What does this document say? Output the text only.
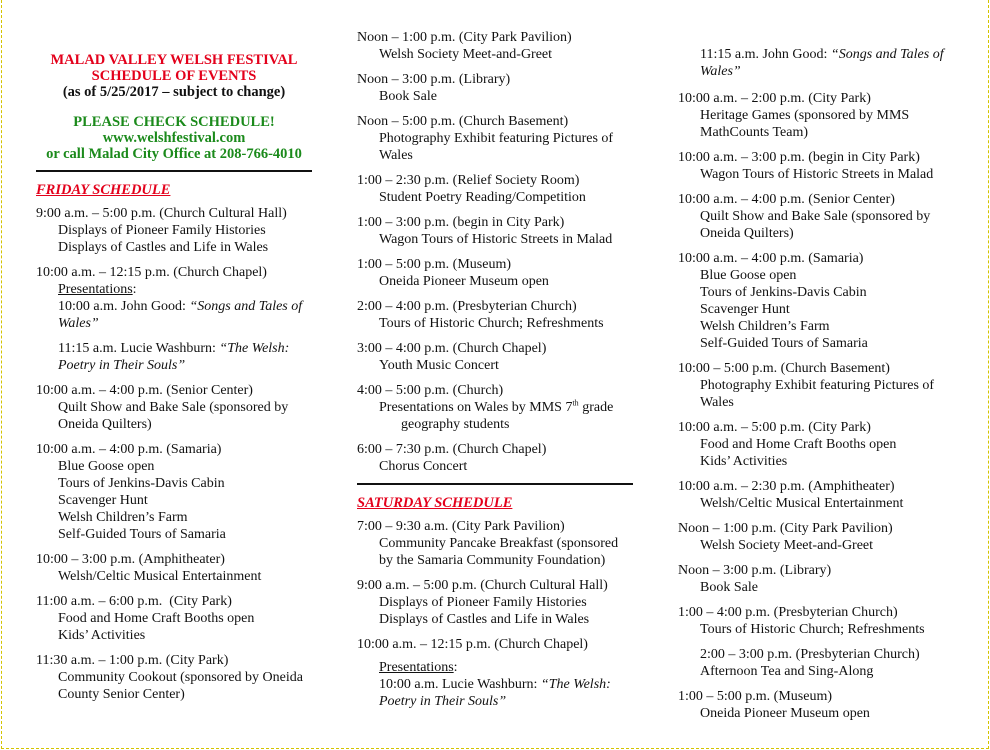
MALAD VALLEY WELSH FESTIVAL
SCHEDULE OF EVENTS
(as of 5/25/2017 – subject to change)
PLEASE CHECK SCHEDULE!
www.welshfestival.com
or call Malad City Office at 208-766-4010
FRIDAY SCHEDULE
9:00 a.m. – 5:00 p.m. (Church Cultural Hall)
Displays of Pioneer Family Histories
Displays of Castles and Life in Wales
10:00 a.m. – 12:15 p.m. (Church Chapel)
Presentations:
10:00 a.m. John Good: “Songs and Tales of Wales”
11:15 a.m. Lucie Washburn: “The Welsh: Poetry in Their Souls”
10:00 a.m. – 4:00 p.m. (Senior Center)
Quilt Show and Bake Sale (sponsored by Oneida Quilters)
10:00 a.m. – 4:00 p.m. (Samaria)
Blue Goose open
Tours of Jenkins-Davis Cabin
Scavenger Hunt
Welsh Children’s Farm
Self-Guided Tours of Samaria
10:00 – 3:00 p.m. (Amphitheater)
Welsh/Celtic Musical Entertainment
11:00 a.m. – 6:00 p.m.  (City Park)
Food and Home Craft Booths open
Kids’ Activities
11:30 a.m. – 1:00 p.m. (City Park)
Community Cookout (sponsored by Oneida County Senior Center)
Noon – 1:00 p.m. (City Park Pavilion)
Welsh Society Meet-and-Greet
Noon – 3:00 p.m. (Library)
Book Sale
Noon – 5:00 p.m. (Church Basement)
Photography Exhibit featuring Pictures of Wales
1:00 – 2:30 p.m. (Relief Society Room)
Student Poetry Reading/Competition
1:00 – 3:00 p.m. (begin in City Park)
Wagon Tours of Historic Streets in Malad
1:00 – 5:00 p.m. (Museum)
Oneida Pioneer Museum open
2:00 – 4:00 p.m. (Presbyterian Church)
Tours of Historic Church; Refreshments
3:00 – 4:00 p.m. (Church Chapel)
Youth Music Concert
4:00 – 5:00 p.m. (Church)
Presentations on Wales by MMS 7th grade
geography students
6:00 – 7:30 p.m. (Church Chapel)
Chorus Concert
SATURDAY SCHEDULE
7:00 – 9:30 a.m. (City Park Pavilion)
Community Pancake Breakfast (sponsored by the Samaria Community Foundation)
9:00 a.m. – 5:00 p.m. (Church Cultural Hall)
Displays of Pioneer Family Histories
Displays of Castles and Life in Wales
10:00 a.m. – 12:15 p.m. (Church Chapel)
Presentations:
10:00 a.m. Lucie Washburn: “The Welsh: Poetry in Their Souls”
11:15 a.m. John Good: “Songs and Tales of Wales”
10:00 a.m. – 2:00 p.m. (City Park)
Heritage Games (sponsored by MMS MathCounts Team)
10:00 a.m. – 3:00 p.m. (begin in City Park)
Wagon Tours of Historic Streets in Malad
10:00 a.m. – 4:00 p.m. (Senior Center)
Quilt Show and Bake Sale (sponsored by Oneida Quilters)
10:00 a.m. – 4:00 p.m. (Samaria)
Blue Goose open
Tours of Jenkins-Davis Cabin
Scavenger Hunt
Welsh Children’s Farm
Self-Guided Tours of Samaria
10:00 – 5:00 p.m. (Church Basement)
Photography Exhibit featuring Pictures of Wales
10:00 a.m. – 5:00 p.m. (City Park)
Food and Home Craft Booths open
Kids’ Activities
10:00 a.m. – 2:30 p.m. (Amphitheater)
Welsh/Celtic Musical Entertainment
Noon – 1:00 p.m. (City Park Pavilion)
Welsh Society Meet-and-Greet
Noon – 3:00 p.m. (Library)
Book Sale
1:00 – 4:00 p.m. (Presbyterian Church)
Tours of Historic Church; Refreshments
2:00 – 3:00 p.m. (Presbyterian Church)
Afternoon Tea and Sing-Along
1:00 – 5:00 p.m. (Museum)
Oneida Pioneer Museum open
